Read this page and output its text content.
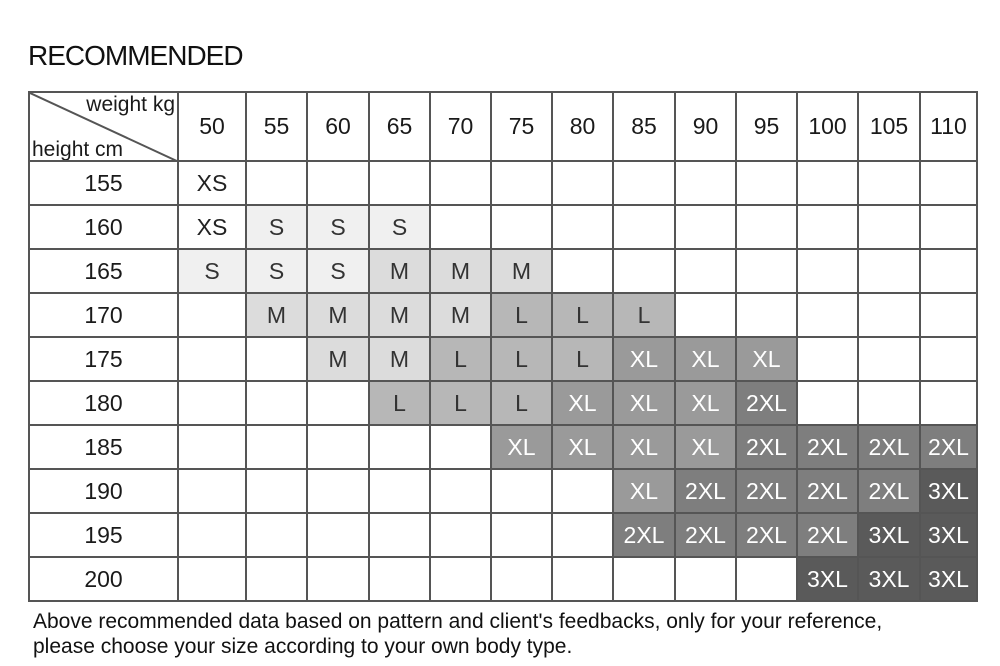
RECOMMENDED
weight kg
height cm	50	55	60	65	70	75	80	85	90	95	100	105	110
155	XS												
160	XS	S	S	S									
165	S	S	S	M	M	M							
170		M	M	M	M	L	L	L					
175			M	M	L	L	L	XL	XL	XL			
180				L	L	L	XL	XL	XL	2XL			
185						XL	XL	XL	XL	2XL	2XL	2XL	2XL
190								XL	2XL	2XL	2XL	2XL	3XL
195								2XL	2XL	2XL	2XL	3XL	3XL
200											3XL	3XL	3XL
Above recommended data based on pattern and client's feedbacks, only for your reference,
please choose your size according to your own body type.
